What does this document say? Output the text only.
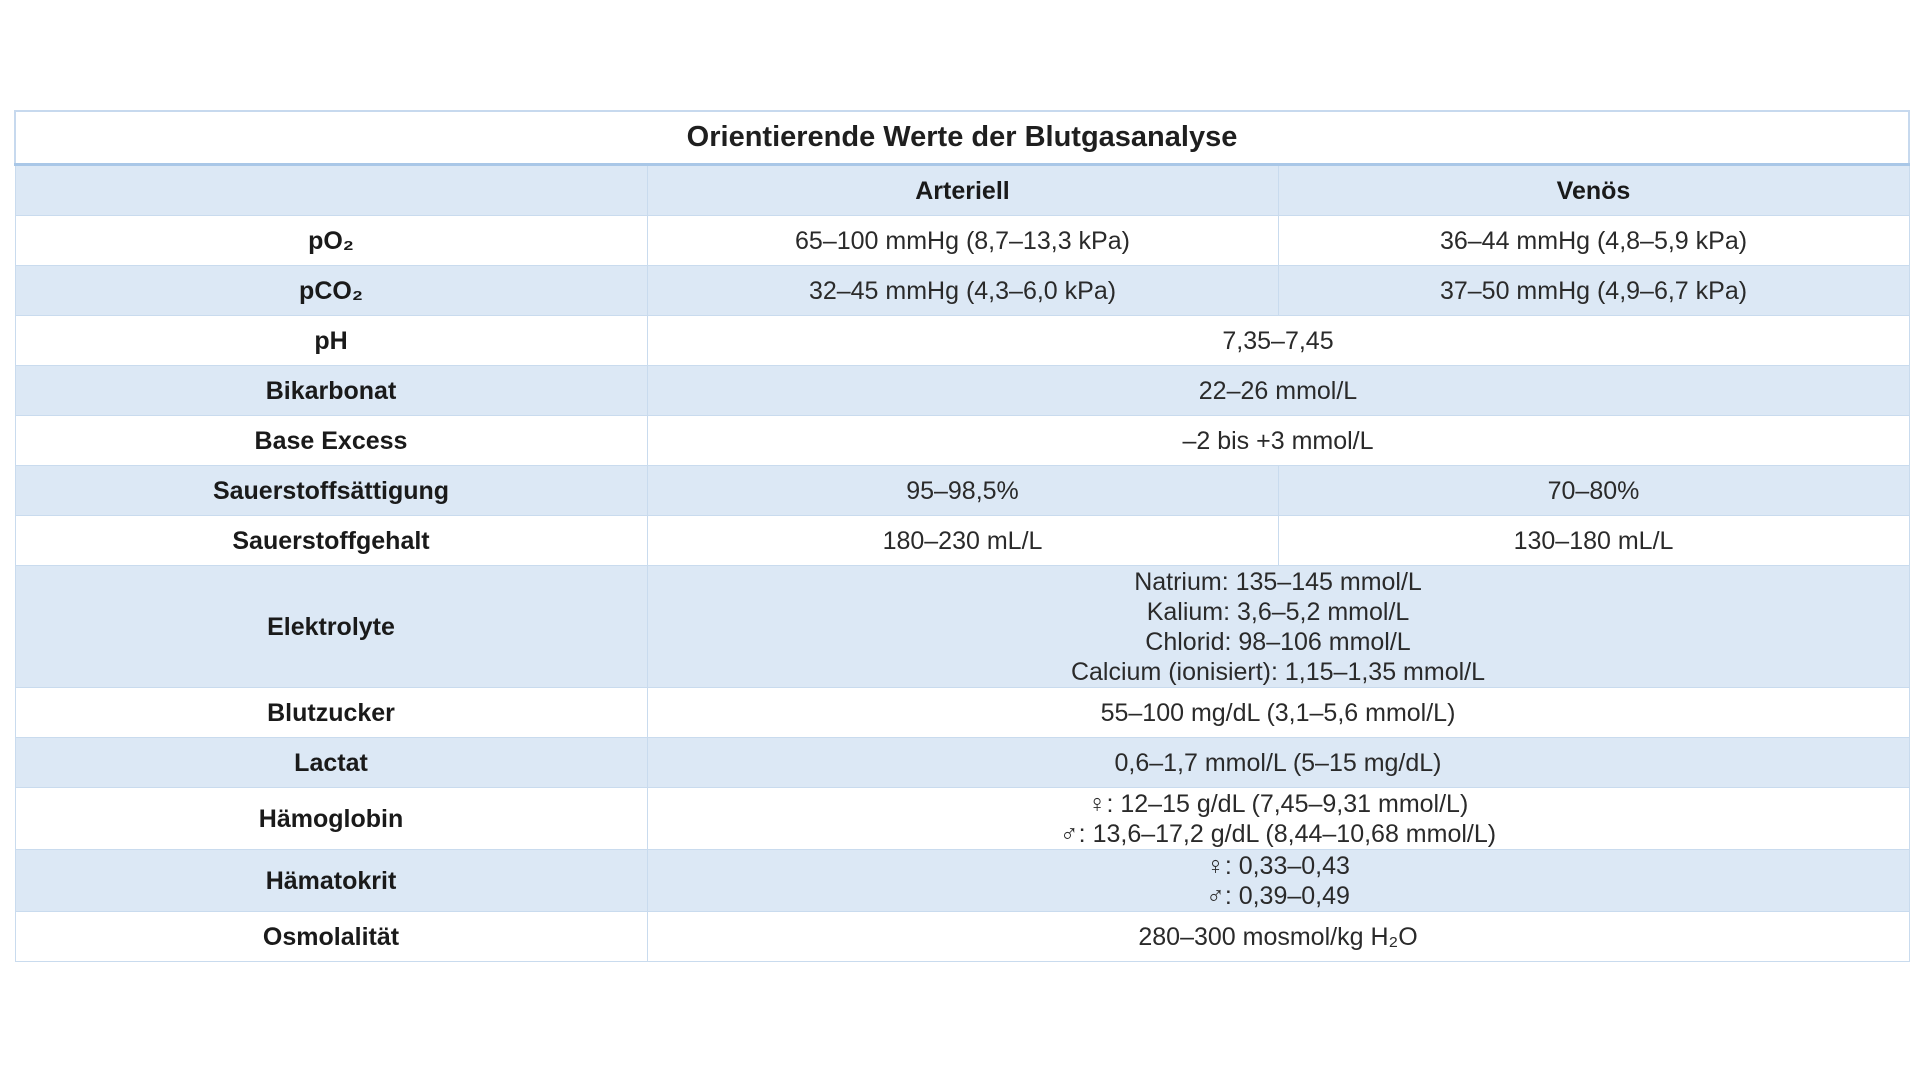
Orientierende Werte der Blutgasanalyse		
	Arteriell	Venös
pO₂	65–100 mmHg (8,7–13,3 kPa)	36–44 mmHg (4,8–5,9 kPa)
pCO₂	32–45 mmHg (4,3–6,0 kPa)	37–50 mmHg (4,9–6,7 kPa)
pH	7,35–7,45	
Bikarbonat	22–26 mmol/L	
Base Excess	–2 bis +3 mmol/L	
Sauerstoffsättigung	95–98,5%	70–80%
Sauerstoffgehalt	180–230 mL/L	130–180 mL/L
Elektrolyte	Natrium: 135–145 mmol/L
Kalium: 3,6–5,2 mmol/L
Chlorid: 98–106 mmol/L
Calcium (ionisiert): 1,15–1,35 mmol/L	

Blutzucker	55–100 mg/dL (3,1–5,6 mmol/L)	
Lactat	0,6–1,7 mmol/L (5–15 mg/dL)	
Hämoglobin	♀: 12–15 g/dL (7,45–9,31 mmol/L)
♂: 13,6–17,2 g/dL (8,44–10,68 mmol/L)	

Hämatokrit	♀: 0,33–0,43
♂: 0,39–0,49	

Osmolalität	280–300 mosmol/kg H₂O	
